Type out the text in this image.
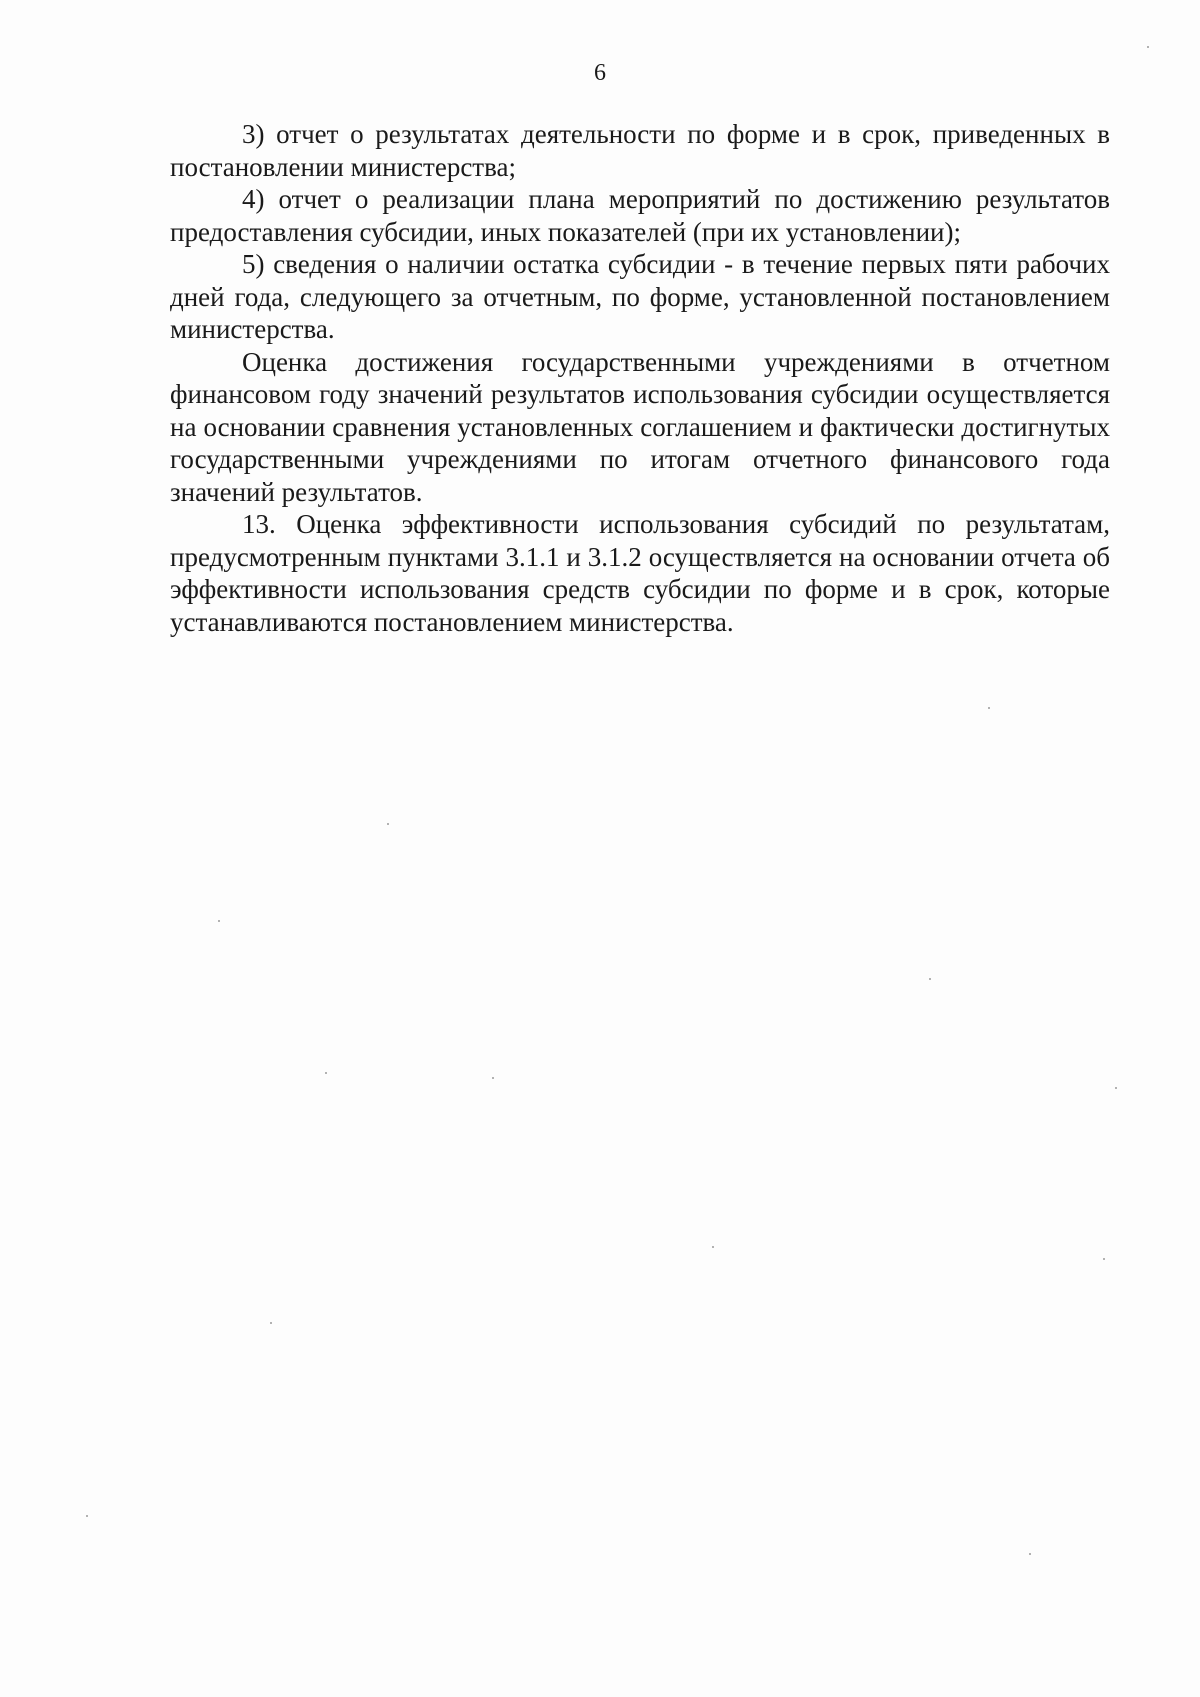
6

3) отчет о результатах деятельности по форме и в срок, приведенных в постановлении министерства;

4) отчет о реализации плана мероприятий по достижению результатов предоставления субсидии, иных показателей (при их установлении);

5) сведения о наличии остатка субсидии - в течение первых пяти рабочих дней года, следующего за отчетным, по форме, установленной постановлением министерства.

Оценка достижения государственными учреждениями в отчетном финансовом году значений результатов использования субсидии осуществляется на основании сравнения установленных соглашением и фактически достигнутых государственными учреждениями по итогам отчетного финансового года значений результатов.

13. Оценка эффективности использования субсидий по результатам, предусмотренным пунктами 3.1.1 и 3.1.2 осуществляется на основании отчета об эффективности использования средств субсидии по форме и в срок, которые устанавливаются постановлением министерства.
